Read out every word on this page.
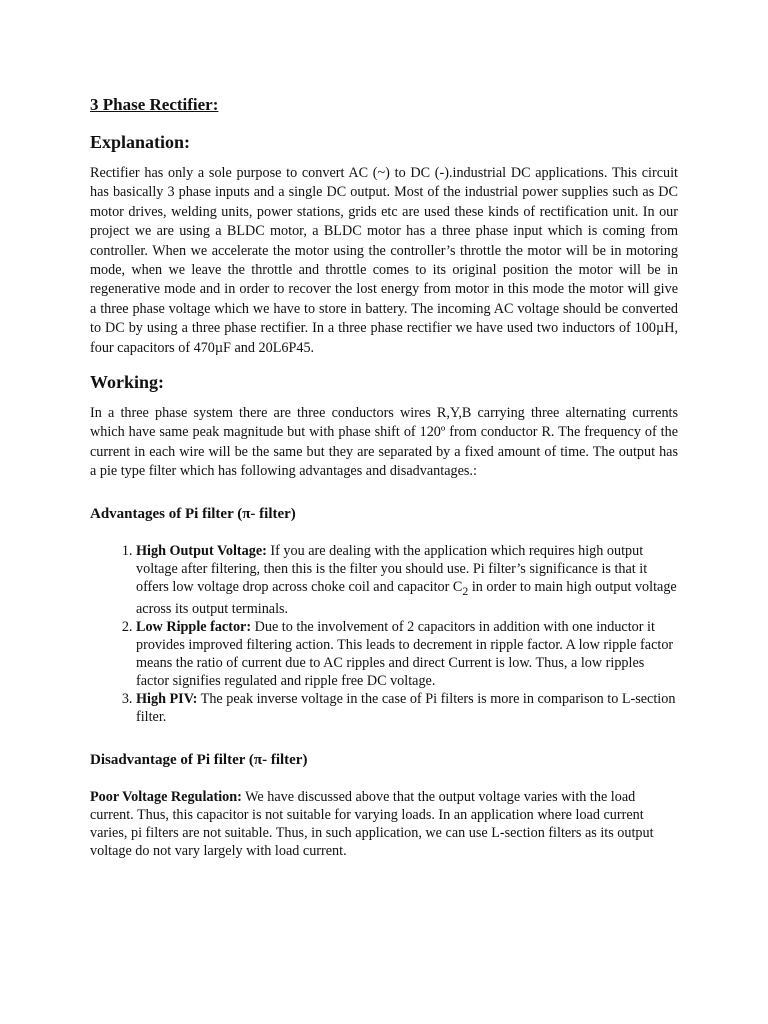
3 Phase Rectifier:
Explanation:

Rectifier has only a sole purpose to convert AC (~) to DC (-).industrial DC applications. This circuit has basically 3 phase inputs and a single DC output. Most of the industrial power supplies such as DC motor drives, welding units, power stations, grids etc are used these kinds of rectification unit. In our project we are using a BLDC motor, a BLDC motor has a three phase input which is coming from controller. When we accelerate the motor using the controller’s throttle the motor will be in motoring mode, when we leave the throttle and throttle comes to its original position the motor will be in regenerative mode and in order to recover the lost energy from motor in this mode the motor will give a three phase voltage which we have to store in battery. The incoming AC voltage should be converted to DC by using a three phase rectifier. In a three phase rectifier we have used two inductors of 100µH, four capacitors of 470µF and 20L6P45.

Working:

In a three phase system there are three conductors wires R,Y,B carrying three alternating currents which have same peak magnitude but with phase shift of 120º from conductor R. The frequency of the current in each wire will be the same but they are separated by a fixed amount of time. The output has a pie type filter which has following advantages and disadvantages.:

Advantages of Pi filter (π- filter)
1. High Output Voltage: If you are dealing with the application which requires high output voltage after filtering, then this is the filter you should use. Pi filter’s significance is that it offers low voltage drop across choke coil and capacitor $C_2$ in order to main high output voltage across its output terminals.
2. Low Ripple factor: Due to the involvement of 2 capacitors in addition with one inductor it provides improved filtering action. This leads to decrement in ripple factor. A low ripple factor means the ratio of current due to AC ripples and direct Current is low. Thus, a low ripples factor signifies regulated and ripple free DC voltage.
3. High PIV: The peak inverse voltage in the case of Pi filters is more in comparison to L-section filter.
Disadvantage of Pi filter (π- filter)

Poor Voltage Regulation: We have discussed above that the output voltage varies with the load current. Thus, this capacitor is not suitable for varying loads. In an application where load current varies, pi filters are not suitable. Thus, in such application, we can use L-section filters as its output voltage do not vary largely with load current.
